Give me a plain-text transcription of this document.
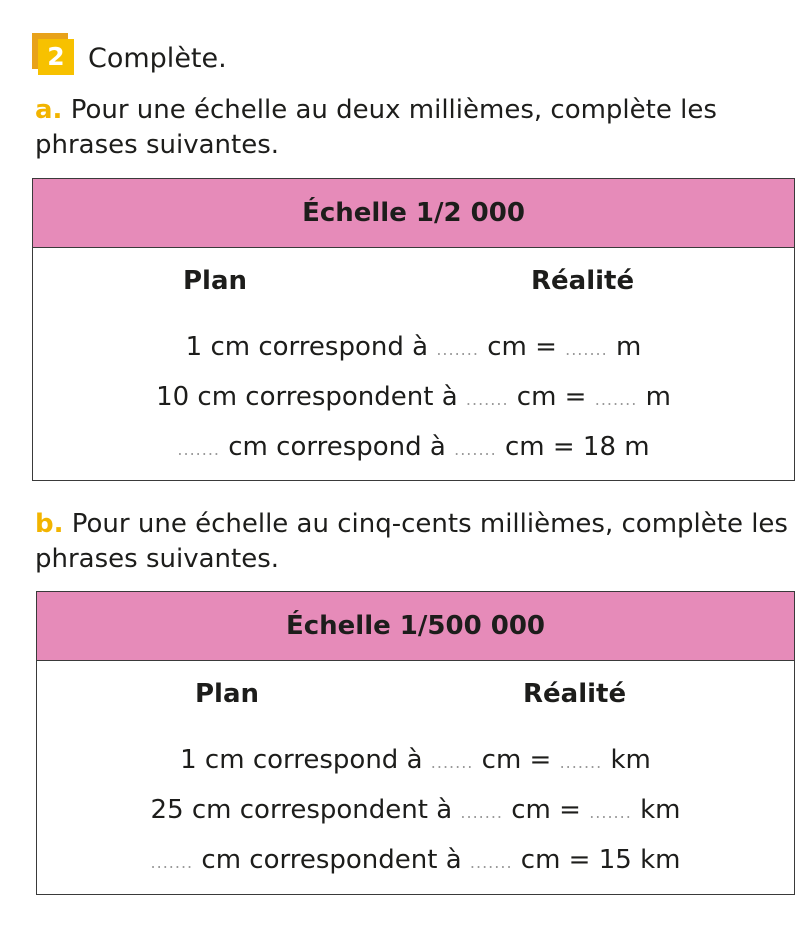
2 Complète.
a. Pour une échelle au deux millièmes, complète les phrases suivantes.
Échelle 1/2 000
Plan	Réalité
1 cm correspond à ....... cm = ....... m
10 cm correspondent à ....... cm = ....... m
....... cm correspond à ....... cm = 18 m
b. Pour une échelle au cinq-cents millièmes, complète les phrases suivantes.
Échelle 1/500 000
Plan	Réalité
1 cm correspond à ....... cm = ....... km
25 cm correspondent à ....... cm = ....... km
....... cm correspondent à ....... cm = 15 km
